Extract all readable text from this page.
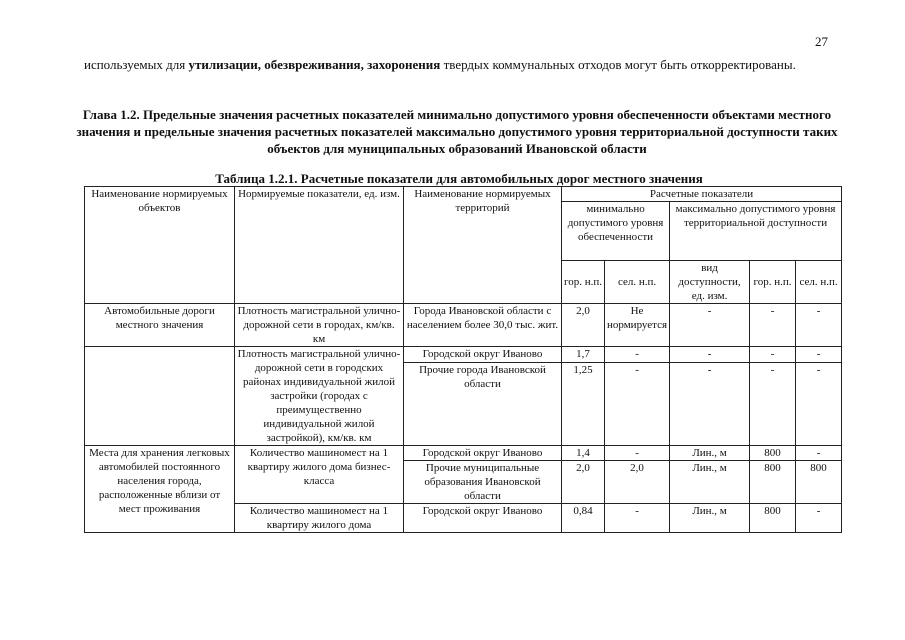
27
используемых для утилизации, обезвреживания, захоронения твердых коммунальных отходов могут быть откорректированы.
Глава 1.2. Предельные значения расчетных показателей минимально допустимого уровня обеспеченности объектами местного значения и предельные значения расчетных показателей максимально допустимого уровня территориальной доступности таких объектов для муниципальных образований Ивановской области
Таблица 1.2.1. Расчетные показатели для автомобильных дорог местного значения
Наименование нормируемых объектов	Нормируемые показатели, ед. изм.	Наименование нормируемых территорий	Расчетные показатели				
			минимально допустимого уровня обеспеченности		максимально допустимого уровня территориальной доступности		
			гор. н.п.	сел. н.п.	вид доступности, ед. изм.	гор. н.п.	сел. н.п.
Автомобильные дороги местного значения	Плотность магистральной улично-дорожной сети в городах, км/кв. км	Города Ивановской области с населением более 30,0 тыс. жит.	2,0	Не нормируется	-	-	-
	Плотность магистральной улично-дорожной сети в городских районах индивидуальной жилой застройки (городах с преимущественно индивидуальной жилой застройкой), км/кв. км	Городской округ Иваново	1,7	-	-	-	-
		Прочие города Ивановской области	1,25	-	-	-	-
Места для хранения легковых автомобилей постоянного населения города, расположенные вблизи от мест проживания	Количество машиномест на 1 квартиру жилого дома бизнес-класса	Городской округ Иваново	1,4	-	Лин., м	800	-
		Прочие муниципальные образования Ивановской области	2,0	2,0	Лин., м	800	800
	Количество машиномест на 1 квартиру жилого дома	Городской округ Иваново	0,84	-	Лин., м	800	-
